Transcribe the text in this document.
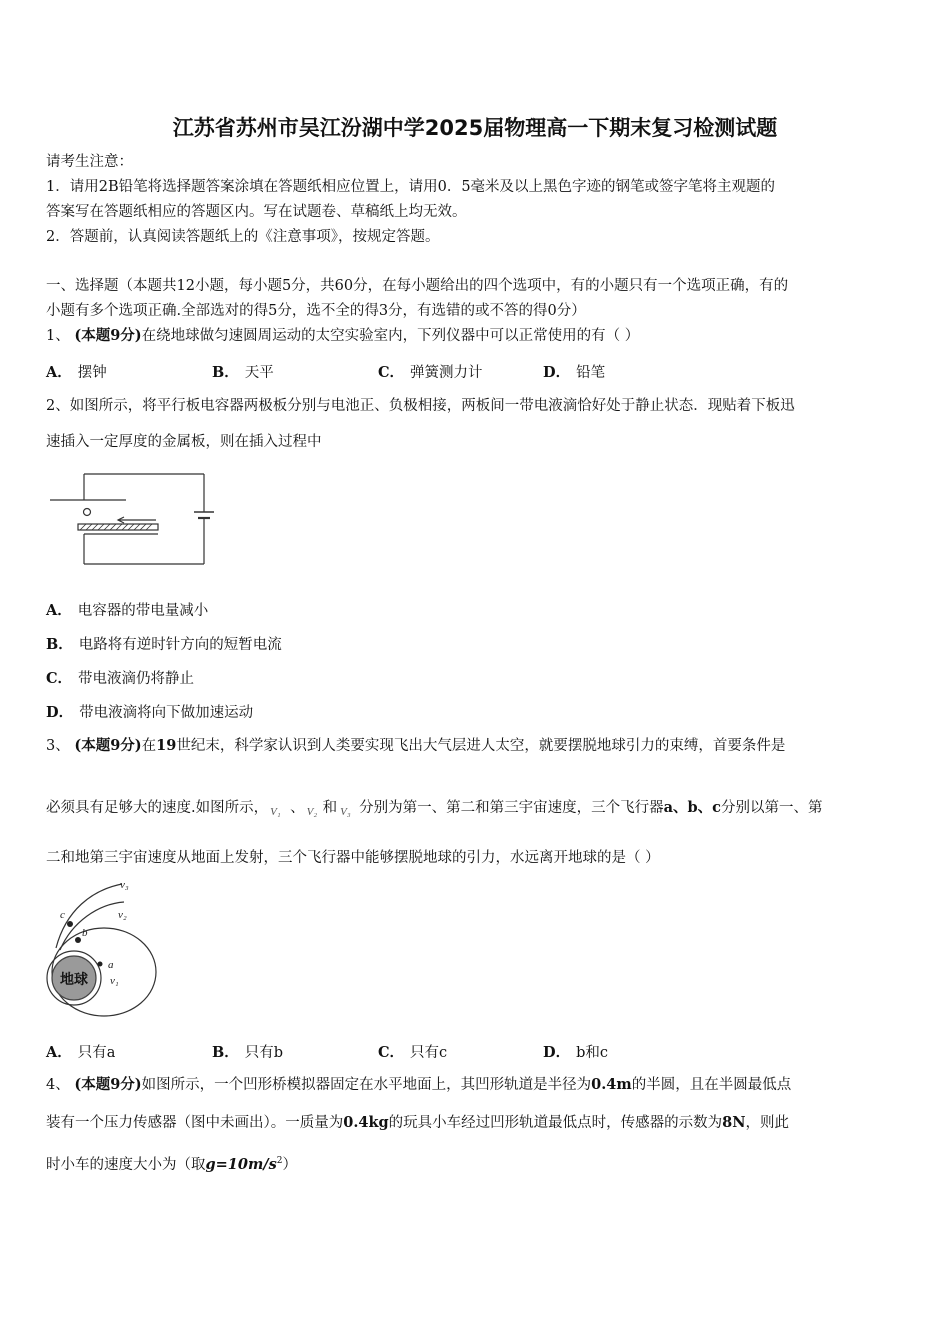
江苏省苏州市吴江汾湖中学2025届物理高一下期末复习检测试题
请考生注意：
1．请用2B铅笔将选择题答案涂填在答题纸相应位置上，请用0．5毫米及以上黑色字迹的钢笔或签字笔将主观题的
答案写在答题纸相应的答题区内。写在试题卷、草稿纸上均无效。
2．答题前，认真阅读答题纸上的《注意事项》，按规定答题。
一、选择题（本题共12小题，每小题5分，共60分，在每小题给出的四个选项中，有的小题只有一个选项正确，有的
小题有多个选项正确.全部选对的得5分，选不全的得3分，有选错的或不答的得0分）
1、 (本题9分)在绕地球做匀速圆周运动的太空实验室内，下列仪器中可以正常使用的有（ ）
A． 摆钟	B． 天平	C． 弹簧测力计	D． 铅笔
2、如图所示，将平行板电容器两极板分别与电池正、负极相接，两板间一带电液滴恰好处于静止状态．现贴着下板迅
速插入一定厚度的金属板，则在插入过程中
A． 电容器的带电量减小
B． 电路将有逆时针方向的短暂电流
C． 带电液滴仍将静止
D． 带电液滴将向下做加速运动
3、 (本题9分)在19世纪末，科学家认识到人类要实现飞出大气层进人太空，就要摆脱地球引力的束缚，首要条件是
必须具有足够大的速度.如图所示， V₁ 、 V₂ 和 V₃ 分别为第一、第二和第三宇宙速度，三个飞行器a、b、c分别以第一、第
二和地第三宇宙速度从地面上发射，三个飞行器中能够摆脱地球的引力，水远离开地球的是（ ）
地球
v₃
v₂
v₁
a
b
c
A． 只有a	B． 只有b	C． 只有c	D． b和c
4、 (本题9分)如图所示，一个凹形桥模拟器固定在水平地面上，其凹形轨道是半径为0.4m的半圆，且在半圆最低点
装有一个压力传感器（图中未画出）。一质量为0.4kg的玩具小车经过凹形轨道最低点时，传感器的示数为8N，则此
时小车的速度大小为（取$g=10m/s^2$）
